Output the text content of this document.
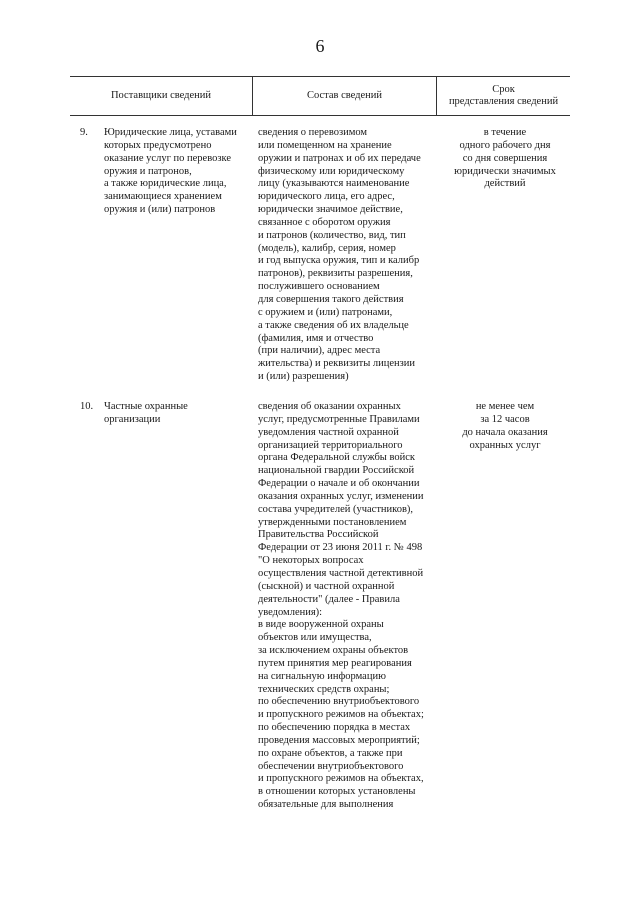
6
Поставщики сведений	Состав сведений
Срок
представления сведений
9. Юридические лица, уставами
которых предусмотрено
оказание услуг по перевозке
оружия и патронов,
а также юридические лица,
занимающиеся хранением
оружия и (или) патронов
сведения о перевозимом
или помещенном на хранение
оружии и патронах и об их передаче
физическому или юридическому
лицу (указываются наименование
юридического лица, его адрес,
юридически значимое действие,
связанное с оборотом оружия
и патронов (количество, вид, тип
(модель), калибр, серия, номер
и год выпуска оружия, тип и калибр
патронов), реквизиты разрешения,
послужившего основанием
для совершения такого действия
с оружием и (или) патронами,
а также сведения об их владельце
(фамилия, имя и отчество
(при наличии), адрес места
жительства) и реквизиты лицензии
и (или) разрешения)
в течение
одного рабочего дня
со дня совершения
юридически значимых
действий
10. Частные охранные
организации
сведения об оказании охранных
услуг, предусмотренные Правилами
уведомления частной охранной
организацией территориального
органа Федеральной службы войск
национальной гвардии Российской
Федерации о начале и об окончании
оказания охранных услуг, изменении
состава учредителей (участников),
утвержденными постановлением
Правительства Российской
Федерации от 23 июня 2011 г. № 498
"О некоторых вопросах
осуществления частной детективной
(сыскной) и частной охранной
деятельности" (далее - Правила
уведомления):
в виде вооруженной охраны
объектов или имущества,
за исключением охраны объектов
путем принятия мер реагирования
на сигнальную информацию
технических средств охраны;
по обеспечению внутриобъектового
и пропускного режимов на объектах;
по обеспечению порядка в местах
проведения массовых мероприятий;
по охране объектов, а также при
обеспечении внутриобъектового
и пропускного режимов на объектах,
в отношении которых установлены
обязательные для выполнения
не менее чем
за 12 часов
до начала оказания
охранных услуг
